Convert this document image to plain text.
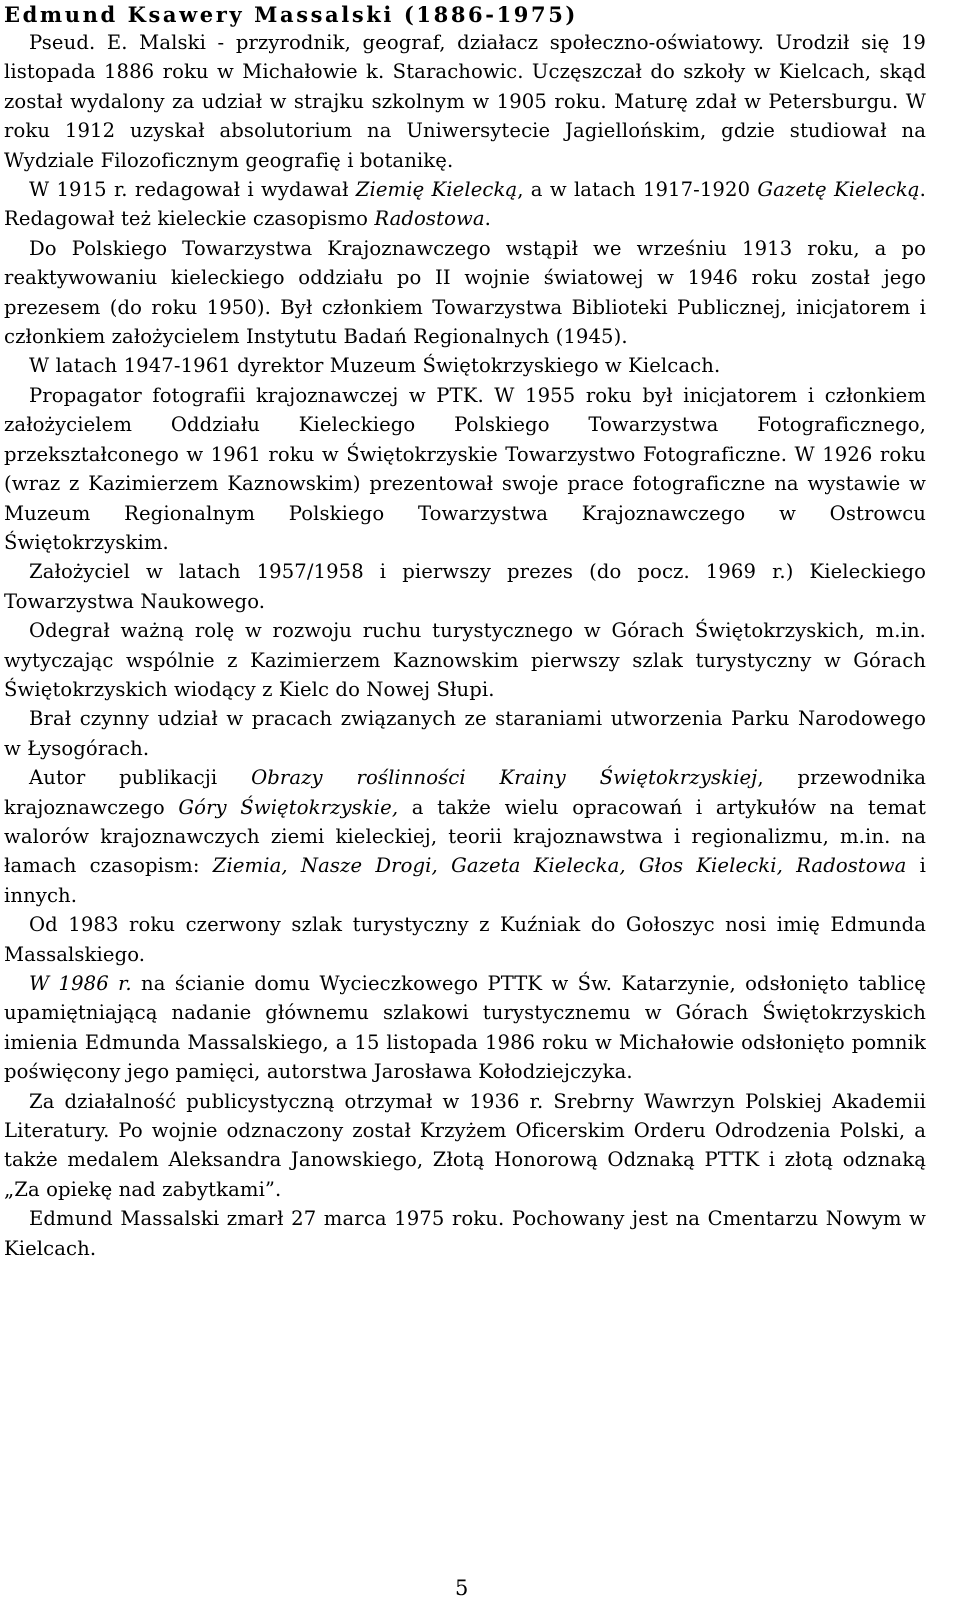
Edmund Ksawery Massalski (1886-1975)

Pseud. E. Malski - przyrodnik, geograf, działacz społeczno-oświatowy. Urodził się 19 listopada 1886 roku w Michałowie k. Starachowic. Uczęszczał do szkoły w Kielcach, skąd został wydalony za udział w strajku szkolnym w 1905 roku. Maturę zdał w Petersburgu. W roku 1912 uzyskał absolutorium na Uniwersytecie Jagiellońskim, gdzie studiował na Wydziale Filozoficznym geografię i botanikę.

W 1915 r. redagował i wydawał Ziemię Kielecką, a w latach 1917-1920 Gazetę Kielecką. Redagował też kieleckie czasopismo Radostowa.

Do Polskiego Towarzystwa Krajoznawczego wstąpił we wrześniu 1913 roku, a po reaktywowaniu kieleckiego oddziału po II wojnie światowej w 1946 roku został jego prezesem (do roku 1950). Był członkiem Towarzystwa Biblioteki Publicznej, inicjatorem i członkiem założycielem Instytutu Badań Regionalnych (1945).

W latach 1947-1961 dyrektor Muzeum Świętokrzyskiego w Kielcach.

Propagator fotografii krajoznawczej w PTK. W 1955 roku był inicjatorem i członkiem założycielem Oddziału Kieleckiego Polskiego Towarzystwa Fotograficznego, przekształconego w 1961 roku w Świętokrzyskie Towarzystwo Fotograficzne. W 1926 roku (wraz z Kazimierzem Kaznowskim) prezentował swoje prace fotograficzne na wystawie w Muzeum Regionalnym Polskiego Towarzystwa Krajoznawczego w Ostrowcu Świętokrzyskim.

Założyciel w latach 1957/1958 i pierwszy prezes (do pocz. 1969 r.) Kieleckiego Towarzystwa Naukowego.

Odegrał ważną rolę w rozwoju ruchu turystycznego w Górach Świętokrzyskich, m.in. wytyczając wspólnie z Kazimierzem Kaznowskim pierwszy szlak turystyczny w Górach Świętokrzyskich wiodący z Kielc do Nowej Słupi.

Brał czynny udział w pracach związanych ze staraniami utworzenia Parku Narodowego w Łysogórach.

Autor publikacji Obrazy roślinności Krainy Świętokrzyskiej, przewodnika krajoznawczego Góry Świętokrzyskie, a także wielu opracowań i artykułów na temat walorów krajoznawczych ziemi kieleckiej, teorii krajoznawstwa i regionalizmu, m.in. na łamach czasopism: Ziemia, Nasze Drogi, Gazeta Kielecka, Głos Kielecki, Radostowa i innych.

Od 1983 roku czerwony szlak turystyczny z Kuźniak do Gołoszyc nosi imię Edmunda Massalskiego.

W 1986 r. na ścianie domu Wycieczkowego PTTK w Św. Katarzynie, odsłonięto tablicę upamiętniającą nadanie głównemu szlakowi turystycznemu w Górach Świętokrzyskich imienia Edmunda Massalskiego, a 15 listopada 1986 roku w Michałowie odsłonięto pomnik poświęcony jego pamięci, autorstwa Jarosława Kołodziejczyka.

Za działalność publicystyczną otrzymał w 1936 r. Srebrny Wawrzyn Polskiej Akademii Literatury. Po wojnie odznaczony został Krzyżem Oficerskim Orderu Odrodzenia Polski, a także medalem Aleksandra Janowskiego, Złotą Honorową Odznaką PTTK i złotą odznaką „Za opiekę nad zabytkami”.

Edmund Massalski zmarł 27 marca 1975 roku. Pochowany jest na Cmentarzu Nowym w Kielcach.

5
